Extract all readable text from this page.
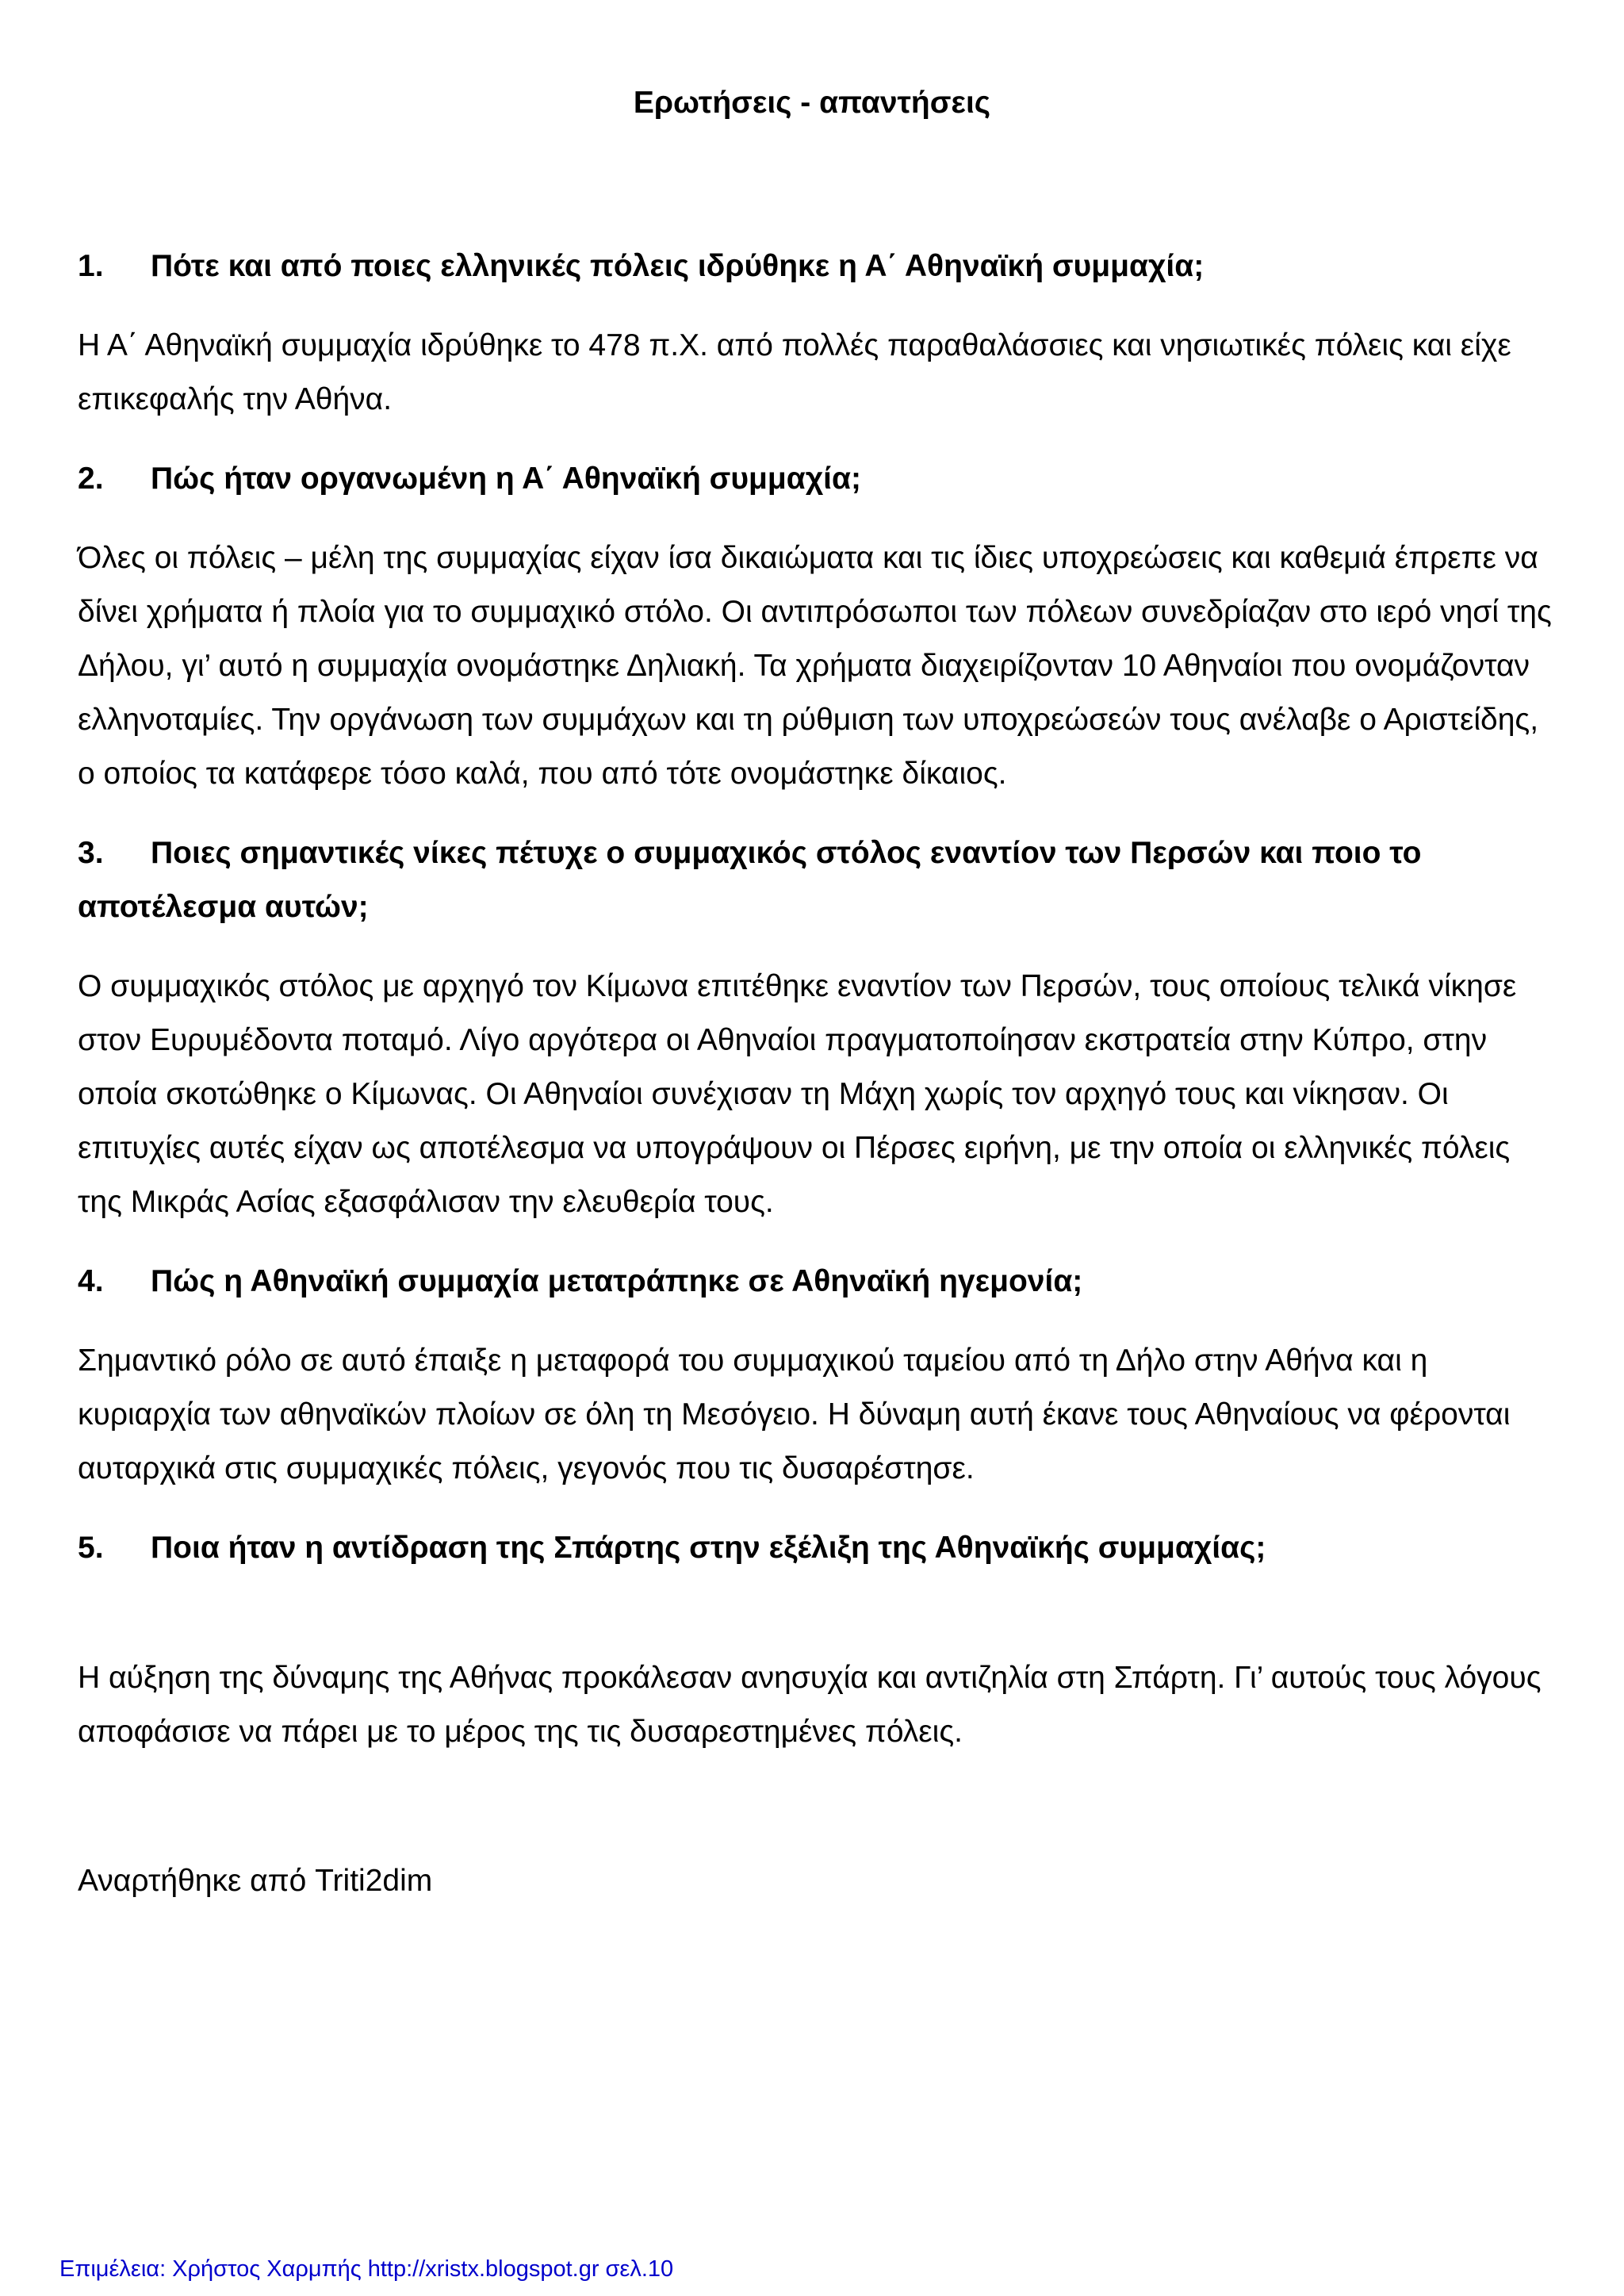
Ερωτήσεις - απαντήσεις
1.	Πότε και από ποιες ελληνικές πόλεις ιδρύθηκε η Α΄ Αθηναϊκή συμμαχία;

Η Α΄ Αθηναϊκή συμμαχία ιδρύθηκε το 478 π.Χ. από πολλές παραθαλάσσιες και νησιωτικές πόλεις και είχε επικεφαλής την Αθήνα.

2.	Πώς ήταν οργανωμένη η Α΄ Αθηναϊκή συμμαχία;

Όλες οι πόλεις – μέλη της συμμαχίας είχαν ίσα δικαιώματα και τις ίδιες υποχρεώσεις και καθεμιά έπρεπε να δίνει χρήματα ή πλοία για το συμμαχικό στόλο. Οι αντιπρόσωποι των πόλεων συνεδρίαζαν στο ιερό νησί της Δήλου, γι’ αυτό η συμμαχία ονομάστηκε Δηλιακή. Τα χρήματα διαχειρίζονταν 10 Αθηναίοι που ονομάζονταν ελληνοταμίες. Την οργάνωση των συμμάχων και τη ρύθμιση των υποχρεώσεών τους ανέλαβε ο Αριστείδης, ο οποίος τα κατάφερε τόσο καλά, που από τότε ονομάστηκε δίκαιος.

3. Ποιες σημαντικές νίκες πέτυχε ο συμμαχικός στόλος εναντίον των Περσών και ποιο το αποτέλεσμα αυτών;

Ο συμμαχικός στόλος με αρχηγό τον Κίμωνα επιτέθηκε εναντίον των Περσών, τους οποίους τελικά νίκησε στον Ευρυμέδοντα ποταμό. Λίγο αργότερα οι Αθηναίοι πραγματοποίησαν εκστρατεία στην Κύπρο, στην οποία σκοτώθηκε ο Κίμωνας. Οι Αθηναίοι συνέχισαν τη Μάχη χωρίς τον αρχηγό τους και νίκησαν. Οι επιτυχίες αυτές είχαν ως αποτέλεσμα να υπογράψουν οι Πέρσες ειρήνη, με την οποία οι ελληνικές πόλεις της Μικράς Ασίας εξασφάλισαν την ελευθερία τους.

4.	Πώς η Αθηναϊκή συμμαχία μετατράπηκε σε Αθηναϊκή ηγεμονία;

Σημαντικό ρόλο σε αυτό έπαιξε η μεταφορά του συμμαχικού ταμείου από τη Δήλο στην Αθήνα και η κυριαρχία των αθηναϊκών πλοίων σε όλη τη Μεσόγειο. Η δύναμη αυτή έκανε τους Αθηναίους να φέρονται αυταρχικά στις συμμαχικές πόλεις, γεγονός που τις δυσαρέστησε.

5.	Ποια ήταν η αντίδραση της Σπάρτης στην εξέλιξη της Αθηναϊκής συμμαχίας;

Η αύξηση της δύναμης της Αθήνας προκάλεσαν ανησυχία και αντιζηλία στη Σπάρτη. Γι’ αυτούς τους λόγους αποφάσισε να πάρει με το μέρος της τις δυσαρεστημένες πόλεις.

Αναρτήθηκε από Triti2dim

Επιμέλεια: Χρήστος Χαρμπής http://xristx.blogspot.gr σελ.10
